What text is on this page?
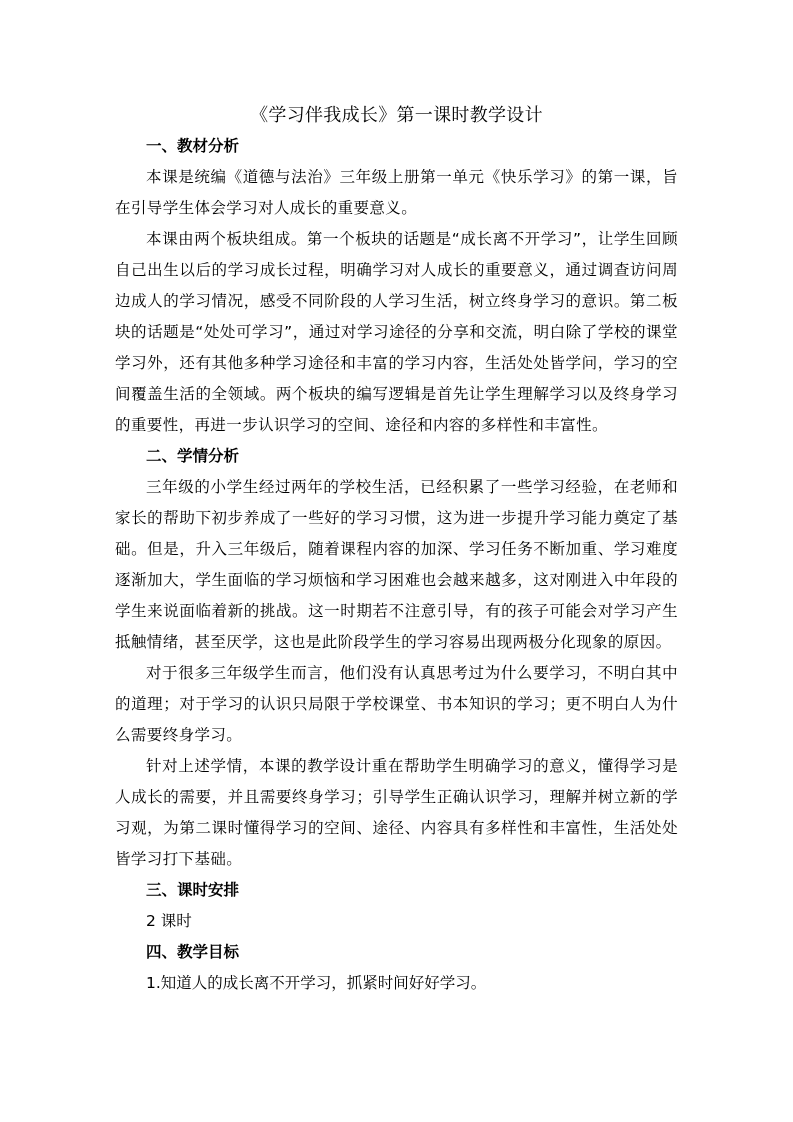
《学习伴我成长》第一课时教学设计
一、教材分析

本课是统编《道德与法治》三年级上册第一单元《快乐学习》的第一课，旨在引导学生体会学习对人成长的重要意义。

本课由两个板块组成。第一个板块的话题是“成长离不开学习”，让学生回顾自己出生以后的学习成长过程，明确学习对人成长的重要意义，通过调查访问周边成人的学习情况，感受不同阶段的人学习生活，树立终身学习的意识。第二板块的话题是“处处可学习”，通过对学习途径的分享和交流，明白除了学校的课堂学习外，还有其他多种学习途径和丰富的学习内容，生活处处皆学问，学习的空间覆盖生活的全领域。两个板块的编写逻辑是首先让学生理解学习以及终身学习的重要性，再进一步认识学习的空间、途径和内容的多样性和丰富性。

二、学情分析

三年级的小学生经过两年的学校生活，已经积累了一些学习经验，在老师和家长的帮助下初步养成了一些好的学习习惯，这为进一步提升学习能力奠定了基础。但是，升入三年级后，随着课程内容的加深、学习任务不断加重、学习难度逐渐加大，学生面临的学习烦恼和学习困难也会越来越多，这对刚进入中年段的学生来说面临着新的挑战。这一时期若不注意引导，有的孩子可能会对学习产生抵触情绪，甚至厌学，这也是此阶段学生的学习容易出现两极分化现象的原因。

对于很多三年级学生而言，他们没有认真思考过为什么要学习，不明白其中的道理；对于学习的认识只局限于学校课堂、书本知识的学习；更不明白人为什么需要终身学习。

针对上述学情，本课的教学设计重在帮助学生明确学习的意义，懂得学习是人成长的需要，并且需要终身学习；引导学生正确认识学习，理解并树立新的学习观，为第二课时懂得学习的空间、途径、内容具有多样性和丰富性，生活处处皆学习打下基础。

三、课时安排

2 课时

四、教学目标

1.知道人的成长离不开学习，抓紧时间好好学习。
